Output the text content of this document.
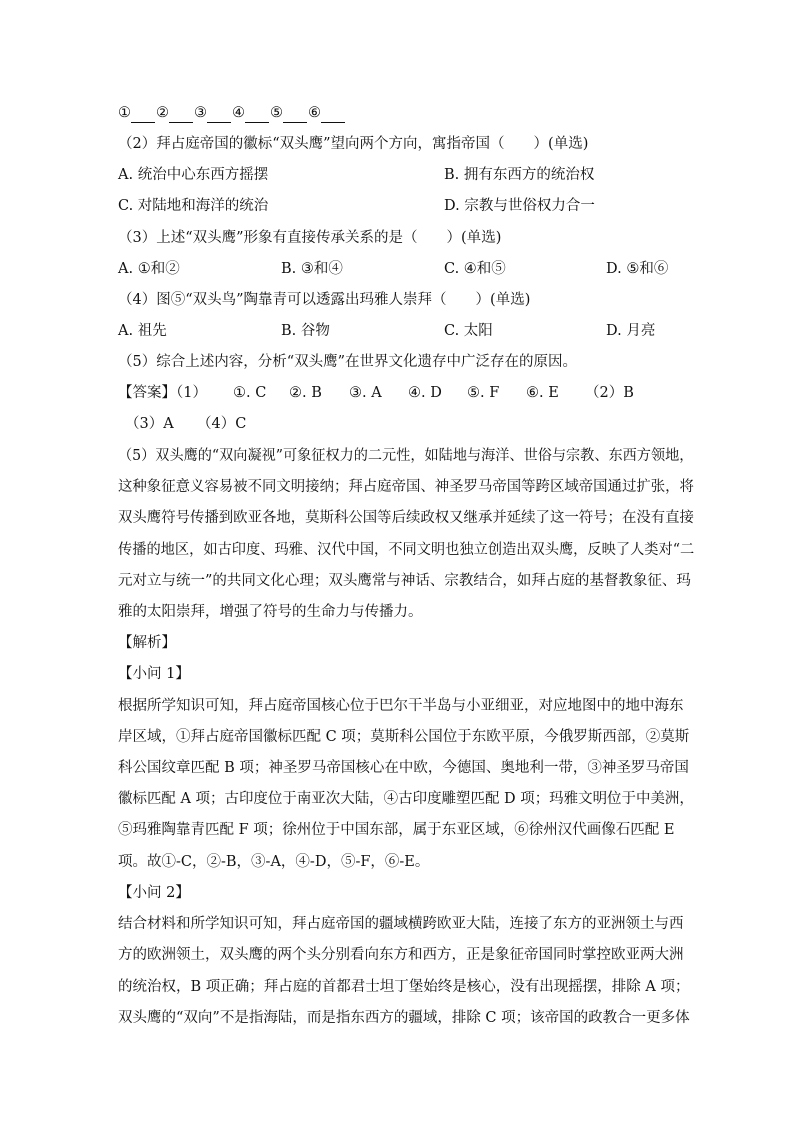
① ② ③ ④ ⑤ ⑥
（2）拜占庭帝国的徽标“双头鹰”望向两个方向，寓指帝国（　　）(单选)
A. 统治中心东西方摇摆	B. 拥有东西方的统治权
C. 对陆地和海洋的统治	D. 宗教与世俗权力合一
（3）上述“双头鹰”形象有直接传承关系的是（　　）(单选)
A. ①和②	B. ③和④	C. ④和⑤	D. ⑤和⑥
（4）图⑤“双头鸟”陶靠青可以透露出玛雅人崇拜（　　）(单选)
A. 祖先	B. 谷物	C. 太阳	D. 月亮
（5）综合上述内容，分析“双头鹰”在世界文化遗存中广泛存在的原因。
【答案】（1） ①. C ②. B ③. A ④. D ⑤. F ⑥. E （2）B
（3）A （4）C
（5）双头鹰的“双向凝视”可象征权力的二元性，如陆地与海洋、世俗与宗教、东西方领地，
这种象征意义容易被不同文明接纳；拜占庭帝国、神圣罗马帝国等跨区域帝国通过扩张，将
双头鹰符号传播到欧亚各地，莫斯科公国等后续政权又继承并延续了这一符号；在没有直接
传播的地区，如古印度、玛雅、汉代中国，不同文明也独立创造出双头鹰，反映了人类对“二
元对立与统一”的共同文化心理；双头鹰常与神话、宗教结合，如拜占庭的基督教象征、玛
雅的太阳崇拜，增强了符号的生命力与传播力。
【解析】
【小问 1】
根据所学知识可知，拜占庭帝国核心位于巴尔干半岛与小亚细亚，对应地图中的地中海东
岸区域，①拜占庭帝国徽标匹配 C 项；莫斯科公国位于东欧平原，今俄罗斯西部，②莫斯
科公国纹章匹配 B 项；神圣罗马帝国核心在中欧，今德国、奥地利一带，③神圣罗马帝国
徽标匹配 A 项；古印度位于南亚次大陆，④古印度雕塑匹配 D 项；玛雅文明位于中美洲，
⑤玛雅陶靠青匹配 F 项；徐州位于中国东部，属于东亚区域，⑥徐州汉代画像石匹配 E
项。故①-C，②-B，③-A，④-D，⑤-F，⑥-E。
【小问 2】
结合材料和所学知识可知，拜占庭帝国的疆域横跨欧亚大陆，连接了东方的亚洲领土与西
方的欧洲领土，双头鹰的两个头分别看向东方和西方，正是象征帝国同时掌控欧亚两大洲
的统治权，B 项正确；拜占庭的首都君士坦丁堡始终是核心，没有出现摇摆，排除 A 项；
双头鹰的“双向”不是指海陆，而是指东西方的疆域，排除 C 项；该帝国的政教合一更多体
